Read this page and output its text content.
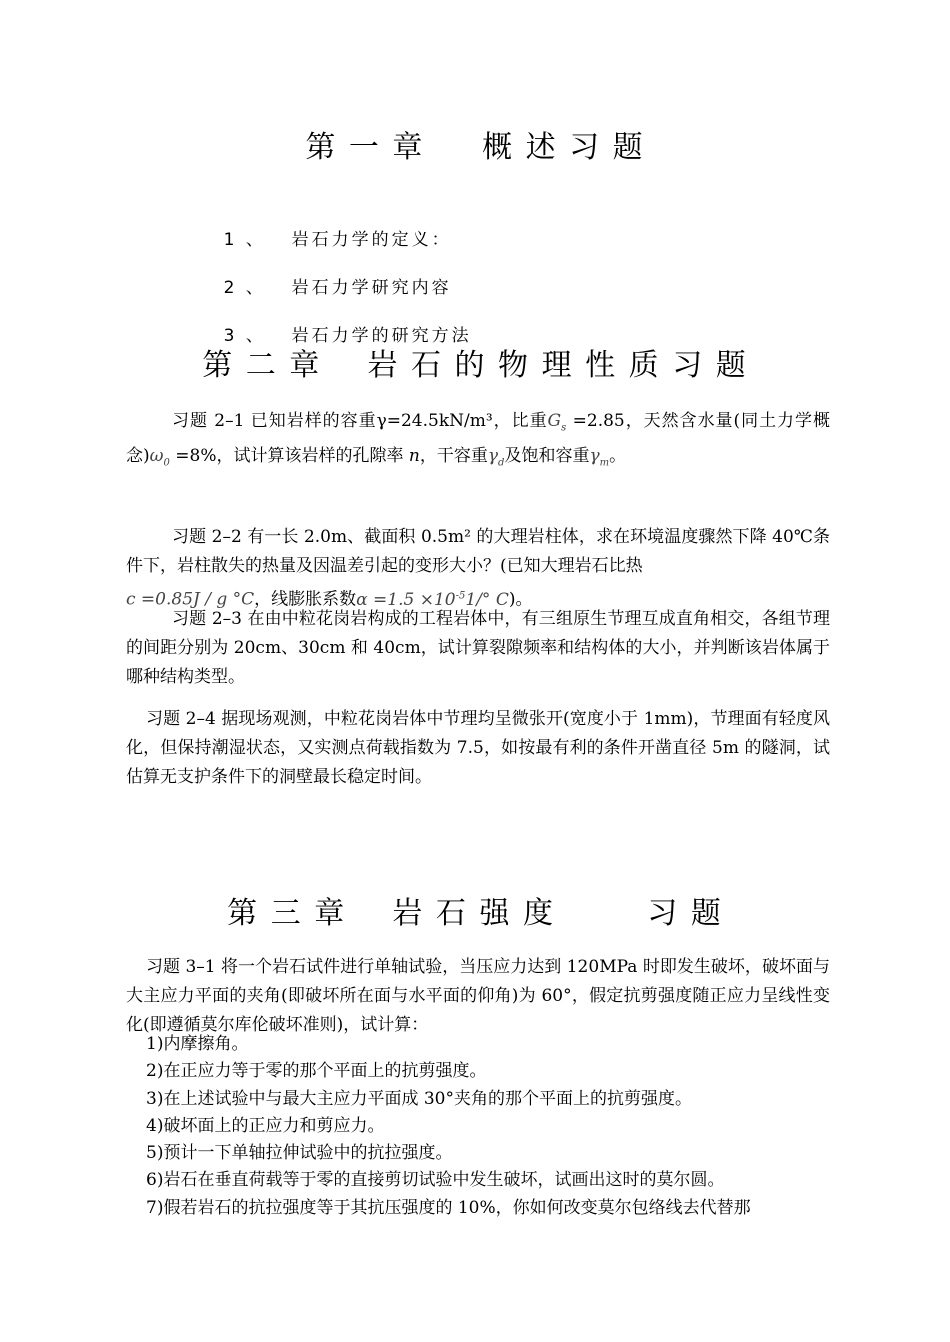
第 一 章     概 述 习 题

1 、 岩石力学的定义：

2 、 岩石力学研究内容

3 、 岩石力学的研究方法

第 二 章    岩 石 的 物 理 性 质 习 题
习题 2–1 已知岩样的容重γ=24.5kN/m³，比重$G_s =2.85$，天然含水量(同土力学概念)$\omega_0 =8\%$，试计算该岩样的孔隙率 n，干容重$\gamma_d$及饱和容重$\gamma_m$。
习题 2–2 有一长 2.0m、截面积 0.5m² 的大理岩柱体，求在环境温度骤然下降 40℃条件下，岩柱散失的热量及因温差引起的变形大小？(已知大理岩石比热
c =0.85J / g °C，线膨胀系数$\alpha =1.5 \times 10^{-5}1/^\circ$ C)。
习题 2–3 在由中粒花岗岩构成的工程岩体中，有三组原生节理互成直角相交，各组节理的间距分别为 20cm、30cm 和 40cm，试计算裂隙频率和结构体的大小，并判断该岩体属于哪种结构类型。
习题 2–4 据现场观测，中粒花岗岩体中节理均呈微张开(宽度小于 1mm)，节理面有轻度风化，但保持潮湿状态，又实测点荷载指数为 7.5，如按最有利的条件开凿直径 5m 的隧洞，试估算无支护条件下的洞壁最长稳定时间。
第 三 章    岩 石 强 度        习 题
习题 3–1 将一个岩石试件进行单轴试验，当压应力达到 120MPa 时即发生破坏，破坏面与大主应力平面的夹角(即破坏所在面与水平面的仰角)为 60°，假定抗剪强度随正应力呈线性变化(即遵循莫尔库伦破坏准则)，试计算：
1)内摩擦角。
2)在正应力等于零的那个平面上的抗剪强度。
3)在上述试验中与最大主应力平面成 30°夹角的那个平面上的抗剪强度。
4)破坏面上的正应力和剪应力。
5)预计一下单轴拉伸试验中的抗拉强度。
6)岩石在垂直荷载等于零的直接剪切试验中发生破坏，试画出这时的莫尔圆。
7)假若岩石的抗拉强度等于其抗压强度的 10%，你如何改变莫尔包络线去代替那
